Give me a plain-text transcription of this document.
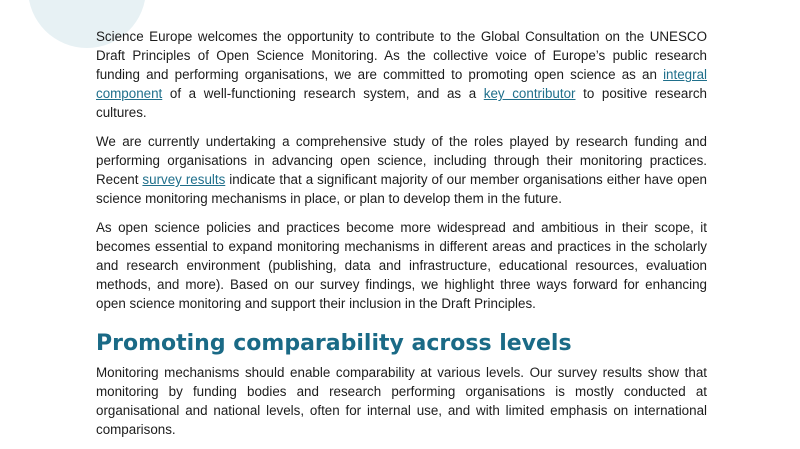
Science Europe welcomes the opportunity to contribute to the Global Consultation on the UNESCO Draft Principles of Open Science Monitoring. As the collective voice of Europe’s public research funding and performing organisations, we are committed to promoting open science as an integral component of a well-functioning research system, and as a key contributor to positive research cultures.

We are currently undertaking a comprehensive study of the roles played by research funding and performing organisations in advancing open science, including through their monitoring practices. Recent survey results indicate that a significant majority of our member organisations either have open science monitoring mechanisms in place, or plan to develop them in the future.

As open science policies and practices become more widespread and ambitious in their scope, it becomes essential to expand monitoring mechanisms in different areas and practices in the scholarly and research environment (publishing, data and infrastructure, educational resources, evaluation methods, and more). Based on our survey findings, we highlight three ways forward for enhancing open science monitoring and support their inclusion in the Draft Principles.

Promoting comparability across levels

Monitoring mechanisms should enable comparability at various levels. Our survey results show that monitoring by funding bodies and research performing organisations is mostly conducted at organisational and national levels, often for internal use, and with limited emphasis on international comparisons.
